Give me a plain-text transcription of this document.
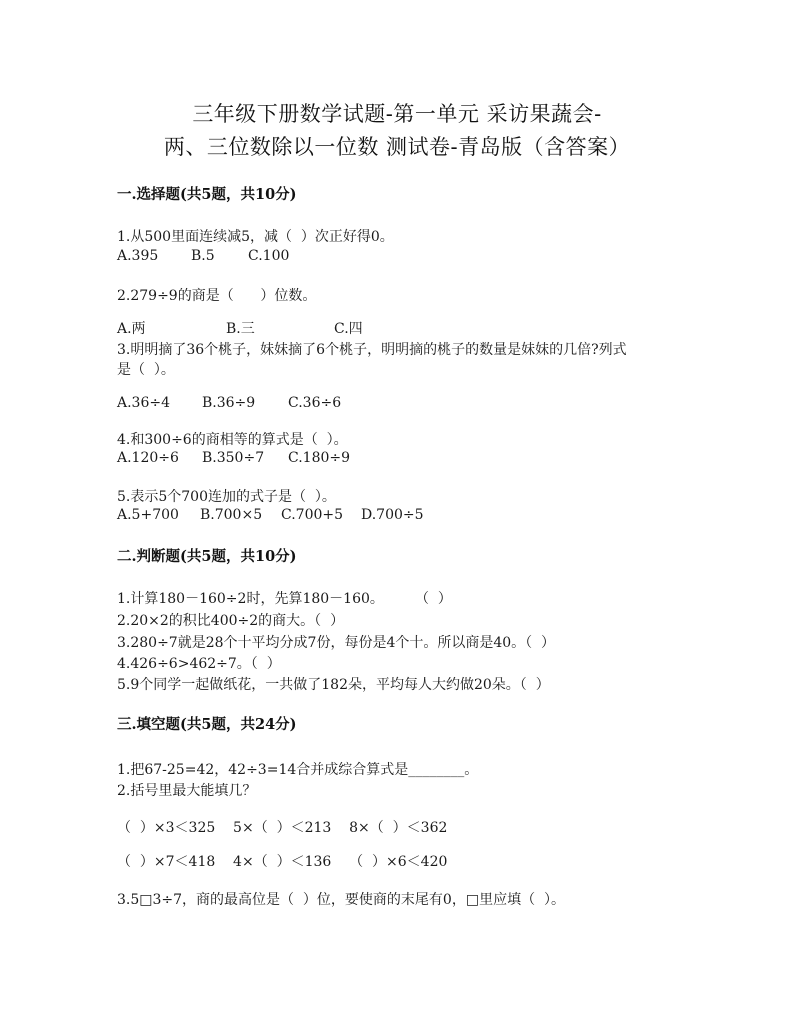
三年级下册数学试题-第一单元 采访果蔬会-
两、三位数除以一位数 测试卷-青岛版（含答案）
一.选择题(共5题，共10分)
1.从500里面连续减5，减（  ）次正好得0。
A.395 B.5 C.100
2.279÷9的商是（      ）位数。
A.两	B.三	C.四
3.明明摘了36个桃子，妹妹摘了6个桃子，明明摘的桃子的数量是妹妹的几倍?列式
是（  ）。
A.36÷4 B.36÷9 C.36÷6
4.和300÷6的商相等的算式是（  ）。
A.120÷6 B.350÷7 C.180÷9
5.表示5个700连加的式子是（  ）。
A.5+700 B.700×5 C.700+5 D.700÷5
二.判断题(共5题，共10分)
1.计算180－160÷2时，先算180－160。       （  ）
2.20×2的积比400÷2的商大。（  ）
3.280÷7就是28个十平均分成7份，每份是4个十。所以商是40。（  ）
4.426÷6>462÷7。（  ）
5.9个同学一起做纸花，一共做了182朵，平均每人大约做20朵。（  ）
三.填空题(共5题，共24分)
1.把67-25=42，42÷3=14合并成综合算式是________。
2.括号里最大能填几？
（  ）×3＜325    5×（  ）＜213    8×（  ）＜362
（  ）×7＜418    4×（  ）＜136    （  ）×6＜420
3.5□3÷7，商的最高位是（  ）位，要使商的末尾有0，□里应填（  ）。
